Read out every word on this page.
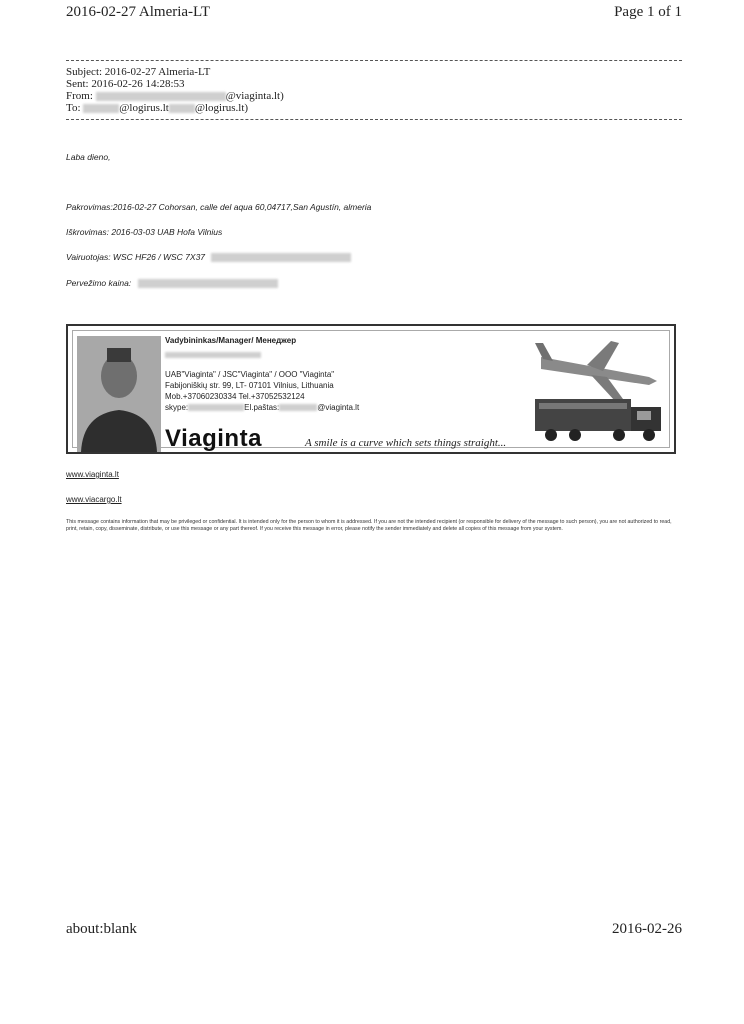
2016-02-27 Almeria-LT	Page 1 of 1
Subject: 2016-02-27 Almeria-LT
Sent: 2016-02-26 14:28:53
From:	@viaginta.lt)
To:	@logirus.lt @logirus.lt)
Laba dieno,
Pakrovimas:2016-02-27 Cohorsan, calle del aqua 60,04717,San Agustín, almeria
Iškrovimas: 2016-03-03 UAB Hofa Vilnius
Vairuotojas: WSC HF26 / WSC 7X37
Pervežimo kaina:
Vadybininkas/Manager/ Менеджер
UAB"Viaginta" / JSC"Viaginta" / OOO "Viaginta"
Fabijoniškių str. 99, LT- 07101 Vilnius, Lithuania
Mob.+37060230334 Tel.+37052532124
skype:	El.paštas:	@viaginta.lt
Viaginta	A smile is a curve which sets things straight...
www.viaginta.lt
www.viacargo.lt
This message contains information that may be privileged or confidential. It is intended only for the person to whom it is addressed. If you are not the intended recipient (or responsible for delivery of the message to such person), you are not authorized to read, print, retain, copy, disseminate, distribute, or use this message or any part thereof. If you receive this message in error, please notify the sender immediately and delete all copies of this message from your system.
about:blank	2016-02-26
